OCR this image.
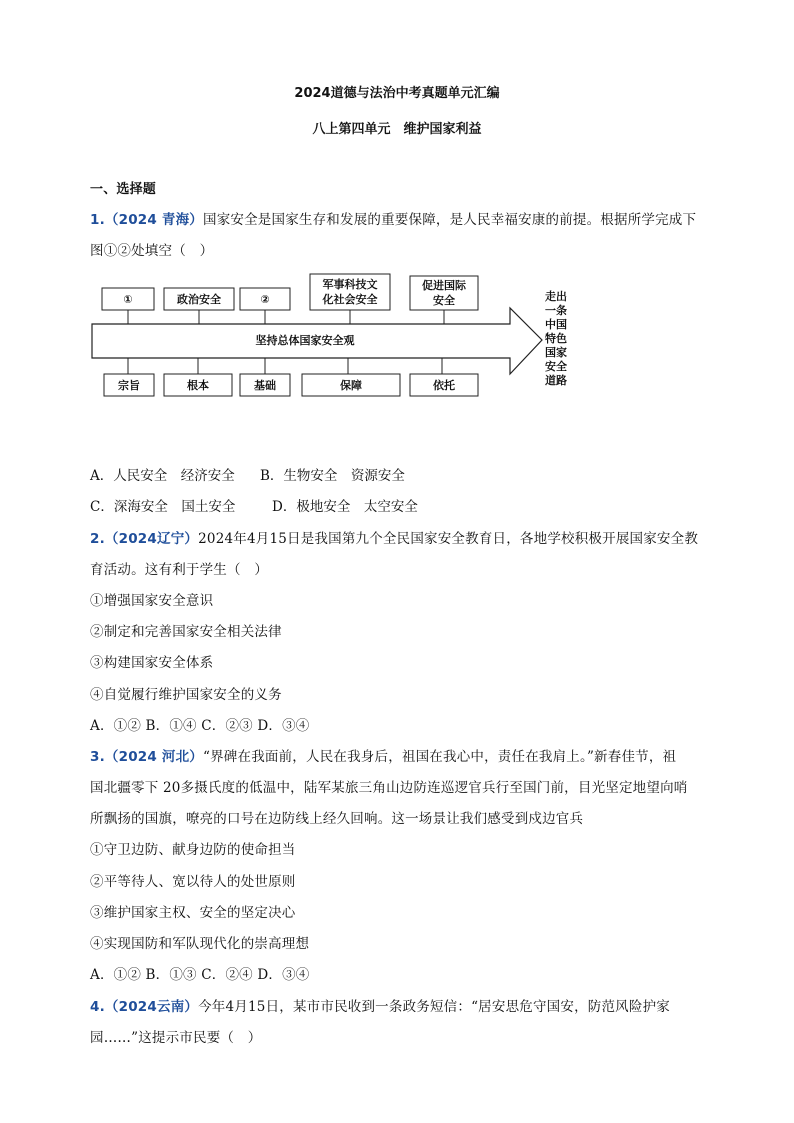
2024道德与法治中考真题单元汇编
八上第四单元　维护国家利益
一、选择题
1.（2024 青海）国家安全是国家生存和发展的重要保障，是人民幸福安康的前提。根据所学完成下
图①②处填空（　）
坚持总体国家安全观
①	政治安全	②
军事科技文
化社会安全
促进国际
安全
宗旨	根本	基础	保障	依托
走出
一条
中国
特色
国家
安全
道路
A．人民安全　经济安全 B．生物安全　资源安全
C．深海安全　国土安全	D．极地安全　太空安全
2.（2024辽宁）2024年4月15日是我国第九个全民国家安全教育日，各地学校积极开展国家安全教
育活动。这有利于学生（　）
①增强国家安全意识
②制定和完善国家安全相关法律
③构建国家安全体系
④自觉履行维护国家安全的义务
A．①② B．①④ C．②③ D．③④
3.（2024 河北）“界碑在我面前，人民在我身后，祖国在我心中，责任在我肩上。”新春佳节，祖
国北疆零下 20多摄氏度的低温中，陆军某旅三角山边防连巡逻官兵行至国门前，目光坚定地望向哨
所飘扬的国旗，嘹亮的口号在边防线上经久回响。这一场景让我们感受到戍边官兵
①守卫边防、献身边防的使命担当
②平等待人、宽以待人的处世原则
③维护国家主权、安全的坚定决心
④实现国防和军队现代化的崇高理想
A．①② B．①③ C．②④ D．③④
4.（2024云南）今年4月15日，某市市民收到一条政务短信：“居安思危守国安，防范风险护家
园……”这提示市民要（　）
